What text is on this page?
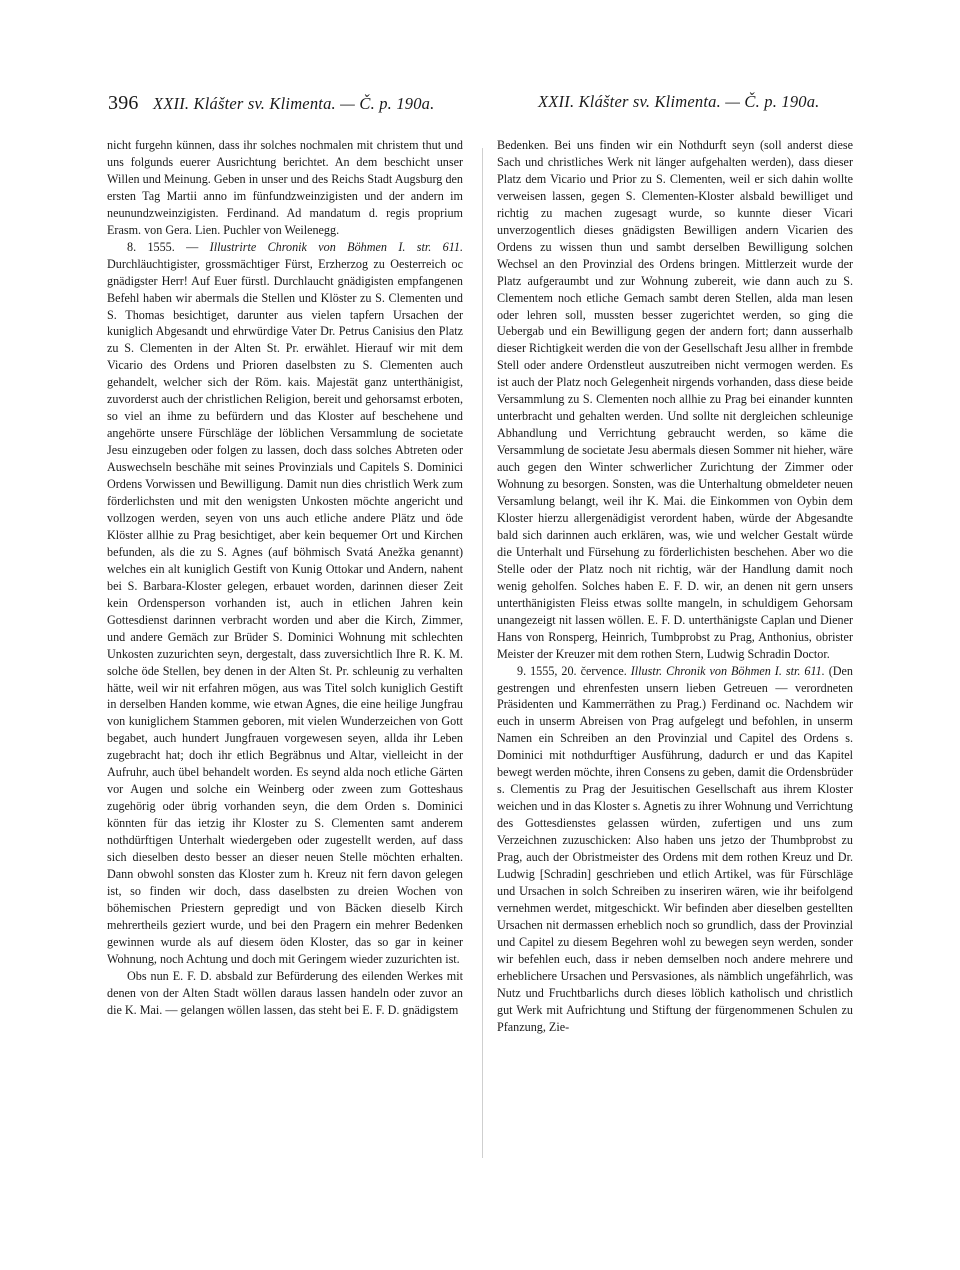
396 XXII. Klášter sv. Klimenta. — Č. p. 190a.	XXII. Klášter sv. Klimenta. — Č. p. 190a.

nicht furgehn künnen, dass ihr solches nochmalen mit christem thut und uns folgunds euerer Ausrichtung berichtet. An dem beschicht unser Willen und Meinung. Geben in unser und des Reichs Stadt Augsburg den ersten Tag Martii anno im fünfundzweinzigisten und der andern im neunundzweinzigisten. Ferdinand. Ad mandatum d. regis proprium Erasm. von Gera. Lien. Puchler von Weilenegg.

8. 1555. — Illustrirte Chronik von Böhmen I. str. 611. Durchläuchtigister, grossmächtiger Fürst, Erzherzog zu Oesterreich oc gnädigster Herr! Auf Euer fürstl. Durchlaucht gnädigisten empfangenen Befehl haben wir abermals die Stellen und Klöster zu S. Clementen und S. Thomas besichtiget, darunter aus vielen tapfern Ursachen der kuniglich Abgesandt und ehrwürdige Vater Dr. Petrus Canisius den Platz zu S. Clementen in der Alten St. Pr. erwählet. Hierauf wir mit dem Vicario des Ordens und Prioren daselbsten zu S. Clementen auch gehandelt, welcher sich der Röm. kais. Majestät ganz unterthänigist, zuvorderst auch der christlichen Religion, bereit und gehorsamst erboten, so viel an ihme zu befürdern und das Kloster auf beschehene und angehörte unsere Fürschläge der löblichen Versammlung de societate Jesu einzugeben oder folgen zu lassen, doch dass solches Abtreten oder Auswechseln beschähe mit seines Provinzials und Capitels S. Dominici Ordens Vorwissen und Bewilligung. Damit nun dies christlich Werk zum förderlichsten und mit den wenigsten Unkosten möchte angericht und vollzogen werden, seyen von uns auch etliche andere Plätz und öde Klöster allhie zu Prag besichtiget, aber kein bequemer Ort und Kirchen befunden, als die zu S. Agnes (auf böhmisch Svatá Anežka genannt) welches ein alt kuniglich Gestift von Kunig Ottokar und Andern, nahent bei S. Barbara-Kloster gelegen, erbauet worden, darinnen dieser Zeit kein Ordensperson vorhanden ist, auch in etlichen Jahren kein Gottesdienst darinnen verbracht worden und aber die Kirch, Zimmer, und andere Gemäch zur Brüder S. Dominici Wohnung mit schlechten Unkosten zuzurichten seyn, dergestalt, dass zuversichtlich Ihre R. K. M. solche öde Stellen, bey denen in der Alten St. Pr. schleunig zu verhalten hätte, weil wir nit erfahren mögen, aus was Titel solch kuniglich Gestift in derselben Handen komme, wie etwan Agnes, die eine heilige Jungfrau von kuniglichem Stammen geboren, mit vielen Wunderzeichen von Gott begabet, auch hundert Jungfrauen vorgewesen seyen, allda ihr Leben zugebracht hat; doch ihr etlich Begräbnus und Altar, vielleicht in der Aufruhr, auch übel behandelt worden. Es seynd alda noch etliche Gärten vor Augen und solche ein Weinberg oder zween zum Gotteshaus zugehörig oder übrig vorhanden seyn, die dem Orden s. Dominici könnten für das ietzig ihr Kloster zu S. Clementen samt anderem nothdürftigen Unterhalt wiedergeben oder zugestellt werden, auf dass sich dieselben desto besser an dieser neuen Stelle möchten erhalten. Dann obwohl sonsten das Kloster zum h. Kreuz nit fern davon gelegen ist, so finden wir doch, dass daselbsten zu dreien Wochen von böhemischen Priestern gepredigt und von Bäcken dieselb Kirch mehrertheils geziert wurde, und bei den Pragern ein mehrer Bedenken gewinnen wurde als auf diesem öden Kloster, das so gar in keiner Wohnung, noch Achtung und doch mit Geringem wieder zuzurichten ist.

Obs nun E. F. D. absbald zur Befürderung des eilenden Werkes mit denen von der Alten Stadt wöllen daraus lassen handeln oder zuvor an die K. Mai. — gelangen wöllen lassen, das steht bei E. F. D. gnädigstem

Bedenken. Bei uns finden wir ein Nothdurft seyn (soll anderst diese Sach und christliches Werk nit länger aufgehalten werden), dass dieser Platz dem Vicario und Prior zu S. Clementen, weil er sich dahin wollte verweisen lassen, gegen S. Clementen-Kloster alsbald bewilliget und richtig zu machen zugesagt wurde, so kunnte dieser Vicari unverzogentlich dieses gnädigsten Bewilligen andern Vicarien des Ordens zu wissen thun und sambt derselben Bewilligung solchen Wechsel an den Provinzial des Ordens bringen. Mittlerzeit wurde der Platz aufgeraumbt und zur Wohnung zubereit, wie dann auch zu S. Clementem noch etliche Gemach sambt deren Stellen, alda man lesen oder lehren soll, mussten besser zugerichtet werden, so ging die Uebergab und ein Bewilligung gegen der andern fort; dann ausserhalb dieser Richtigkeit werden die von der Gesellschaft Jesu allher in frembde Stell oder andere Ordenstleut auszutreiben nicht vermogen werden. Es ist auch der Platz noch Gelegenheit nirgends vorhanden, dass diese beide Versammlung zu S. Clementen noch allhie zu Prag bei einander kunnten unterbracht und gehalten werden. Und sollte nit dergleichen schleunige Abhandlung und Verrichtung gebraucht werden, so käme die Versammlung de societate Jesu abermals diesen Sommer nit hieher, wäre auch gegen den Winter schwerlicher Zurichtung der Zimmer oder Wohnung zu besorgen. Sonsten, was die Unterhaltung obmeldeter neuen Versamlung belangt, weil ihr K. Mai. die Einkommen von Oybin dem Kloster hierzu allergenädigist verordent haben, würde der Abgesandte bald sich darinnen auch erklären, was, wie und welcher Gestalt würde die Unterhalt und Fürsehung zu förderlichisten beschehen. Aber wo die Stelle oder der Platz noch nit richtig, wär der Handlung damit noch wenig geholfen. Solches haben E. F. D. wir, an denen nit gern unsers unterthänigisten Fleiss etwas sollte mangeln, in schuldigem Gehorsam unangezeigt nit lassen wöllen. E. F. D. unterthänigste Caplan und Diener Hans von Ronsperg, Heinrich, Tumbprobst zu Prag, Anthonius, obrister Meister der Kreuzer mit dem rothen Stern, Ludwig Schradin Doctor.

9. 1555, 20. července. Illustr. Chronik von Böhmen I. str. 611. (Den gestrengen und ehrenfesten unsern lieben Getreuen — verordneten Präsidenten und Kammerräthen zu Prag.) Ferdinand oc. Nachdem wir euch in unserm Abreisen von Prag aufgelegt und befohlen, in unserm Namen ein Schreiben an den Provinzial und Capitel des Ordens s. Dominici mit nothdurftiger Ausführung, dadurch er und das Kapitel bewegt werden möchte, ihren Consens zu geben, damit die Ordensbrüder s. Clementis zu Prag der Jesuitischen Gesellschaft aus ihrem Kloster weichen und in das Kloster s. Agnetis zu ihrer Wohnung und Verrichtung des Gottesdienstes gelassen würden, zufertigen und uns zum Verzeichnen zuzuschicken: Also haben uns jetzo der Thumbprobst zu Prag, auch der Obristmeister des Ordens mit dem rothen Kreuz und Dr. Ludwig [Schradin] geschrieben und etlich Artikel, was für Fürschläge und Ursachen in solch Schreiben zu inseriren wären, wie ihr beifolgend vernehmen werdet, mitgeschickt. Wir befinden aber dieselben gestellten Ursachen nit dermassen erheblich noch so grundlich, dass der Provinzial und Capitel zu diesem Begehren wohl zu bewegen seyn werden, sonder wir befehlen euch, dass ir neben demselben noch andere mehrere und erheblichere Ursachen und Persvasiones, als nämblich ungefährlich, was Nutz und Fruchtbarlichs durch dieses löblich katholisch und christlich gut Werk mit Aufrichtung und Stiftung der fürgenommenen Schulen zu Pfanzung, Zie-
